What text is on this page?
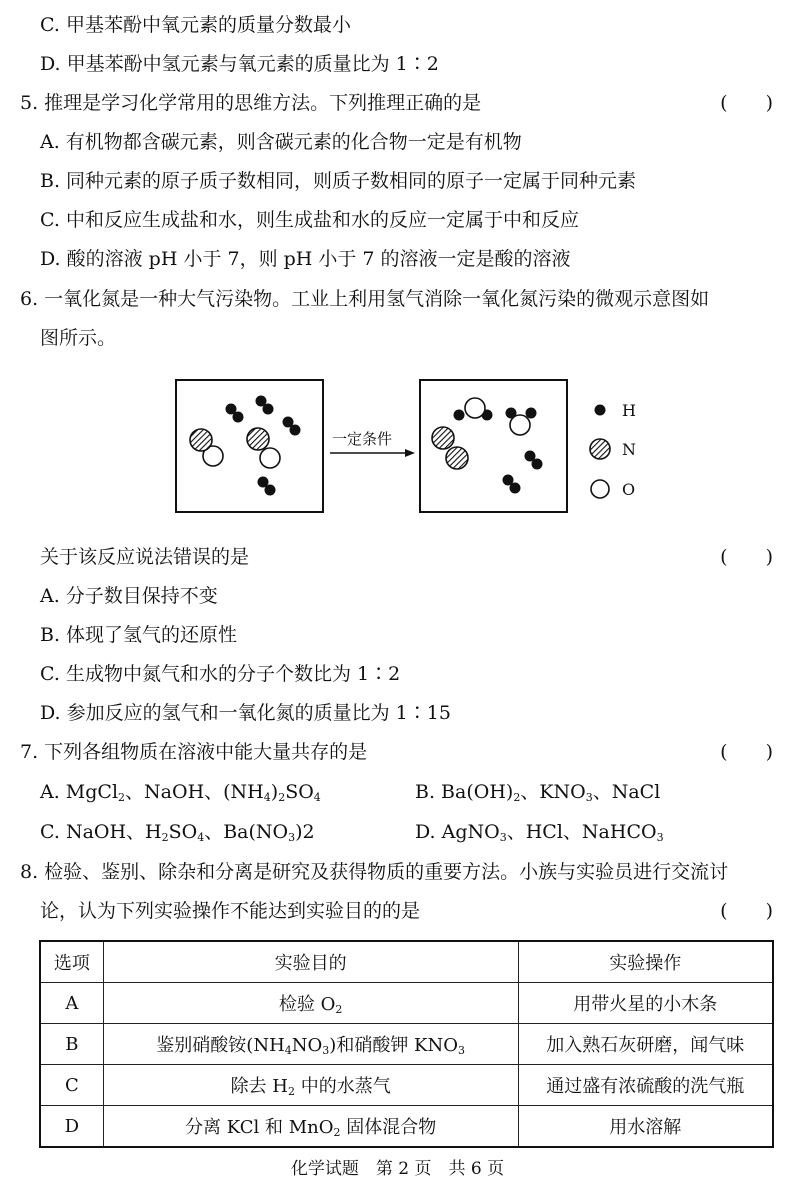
C. 甲基苯酚中氧元素的质量分数最小
D. 甲基苯酚中氢元素与氧元素的质量比为 1∶2
5. 推理是学习化学常用的思维方法。下列推理正确的是	(　　)
A. 有机物都含碳元素，则含碳元素的化合物一定是有机物
B. 同种元素的原子质子数相同，则质子数相同的原子一定属于同种元素
C. 中和反应生成盐和水，则生成盐和水的反应一定属于中和反应
D. 酸的溶液 pH 小于 7，则 pH 小于 7 的溶液一定是酸的溶液
6. 一氧化氮是一种大气污染物。工业上利用氢气消除一氧化氮污染的微观示意图如
图所示。
一定条件
H
N
O
关于该反应说法错误的是	(　　)
A. 分子数目保持不变
B. 体现了氢气的还原性
C. 生成物中氮气和水的分子个数比为 1∶2
D. 参加反应的氢气和一氧化氮的质量比为 1∶15
7. 下列各组物质在溶液中能大量共存的是	(　　)
A. MgCl$_2$、NaOH、$(NH_4)_2SO_4$	B. $Ba(OH)_2$、$KNO_3$、NaCl
C. NaOH、$H_2SO_4$、$Ba(NO_3)2$	D. AgNO$_3$、HCl、NaHCO$_3$
8. 检验、鉴别、除杂和分离是研究及获得物质的重要方法。小族与实验员进行交流讨
论，认为下列实验操作不能达到实验目的的是	(　　)
选项	实验目的	实验操作
A	检验 $O_2$	用带火星的小木条
B	鉴别硝酸铵$(NH_4NO_3)$和硝酸钾 $KNO_3$	加入熟石灰研磨，闻气味
C	除去 $H_2$ 中的水蒸气	通过盛有浓硫酸的洗气瓶
D	分离 KCl 和 MnO$_2$ 固体混合物	用水溶解
化学试题　第 2 页　共 6 页
